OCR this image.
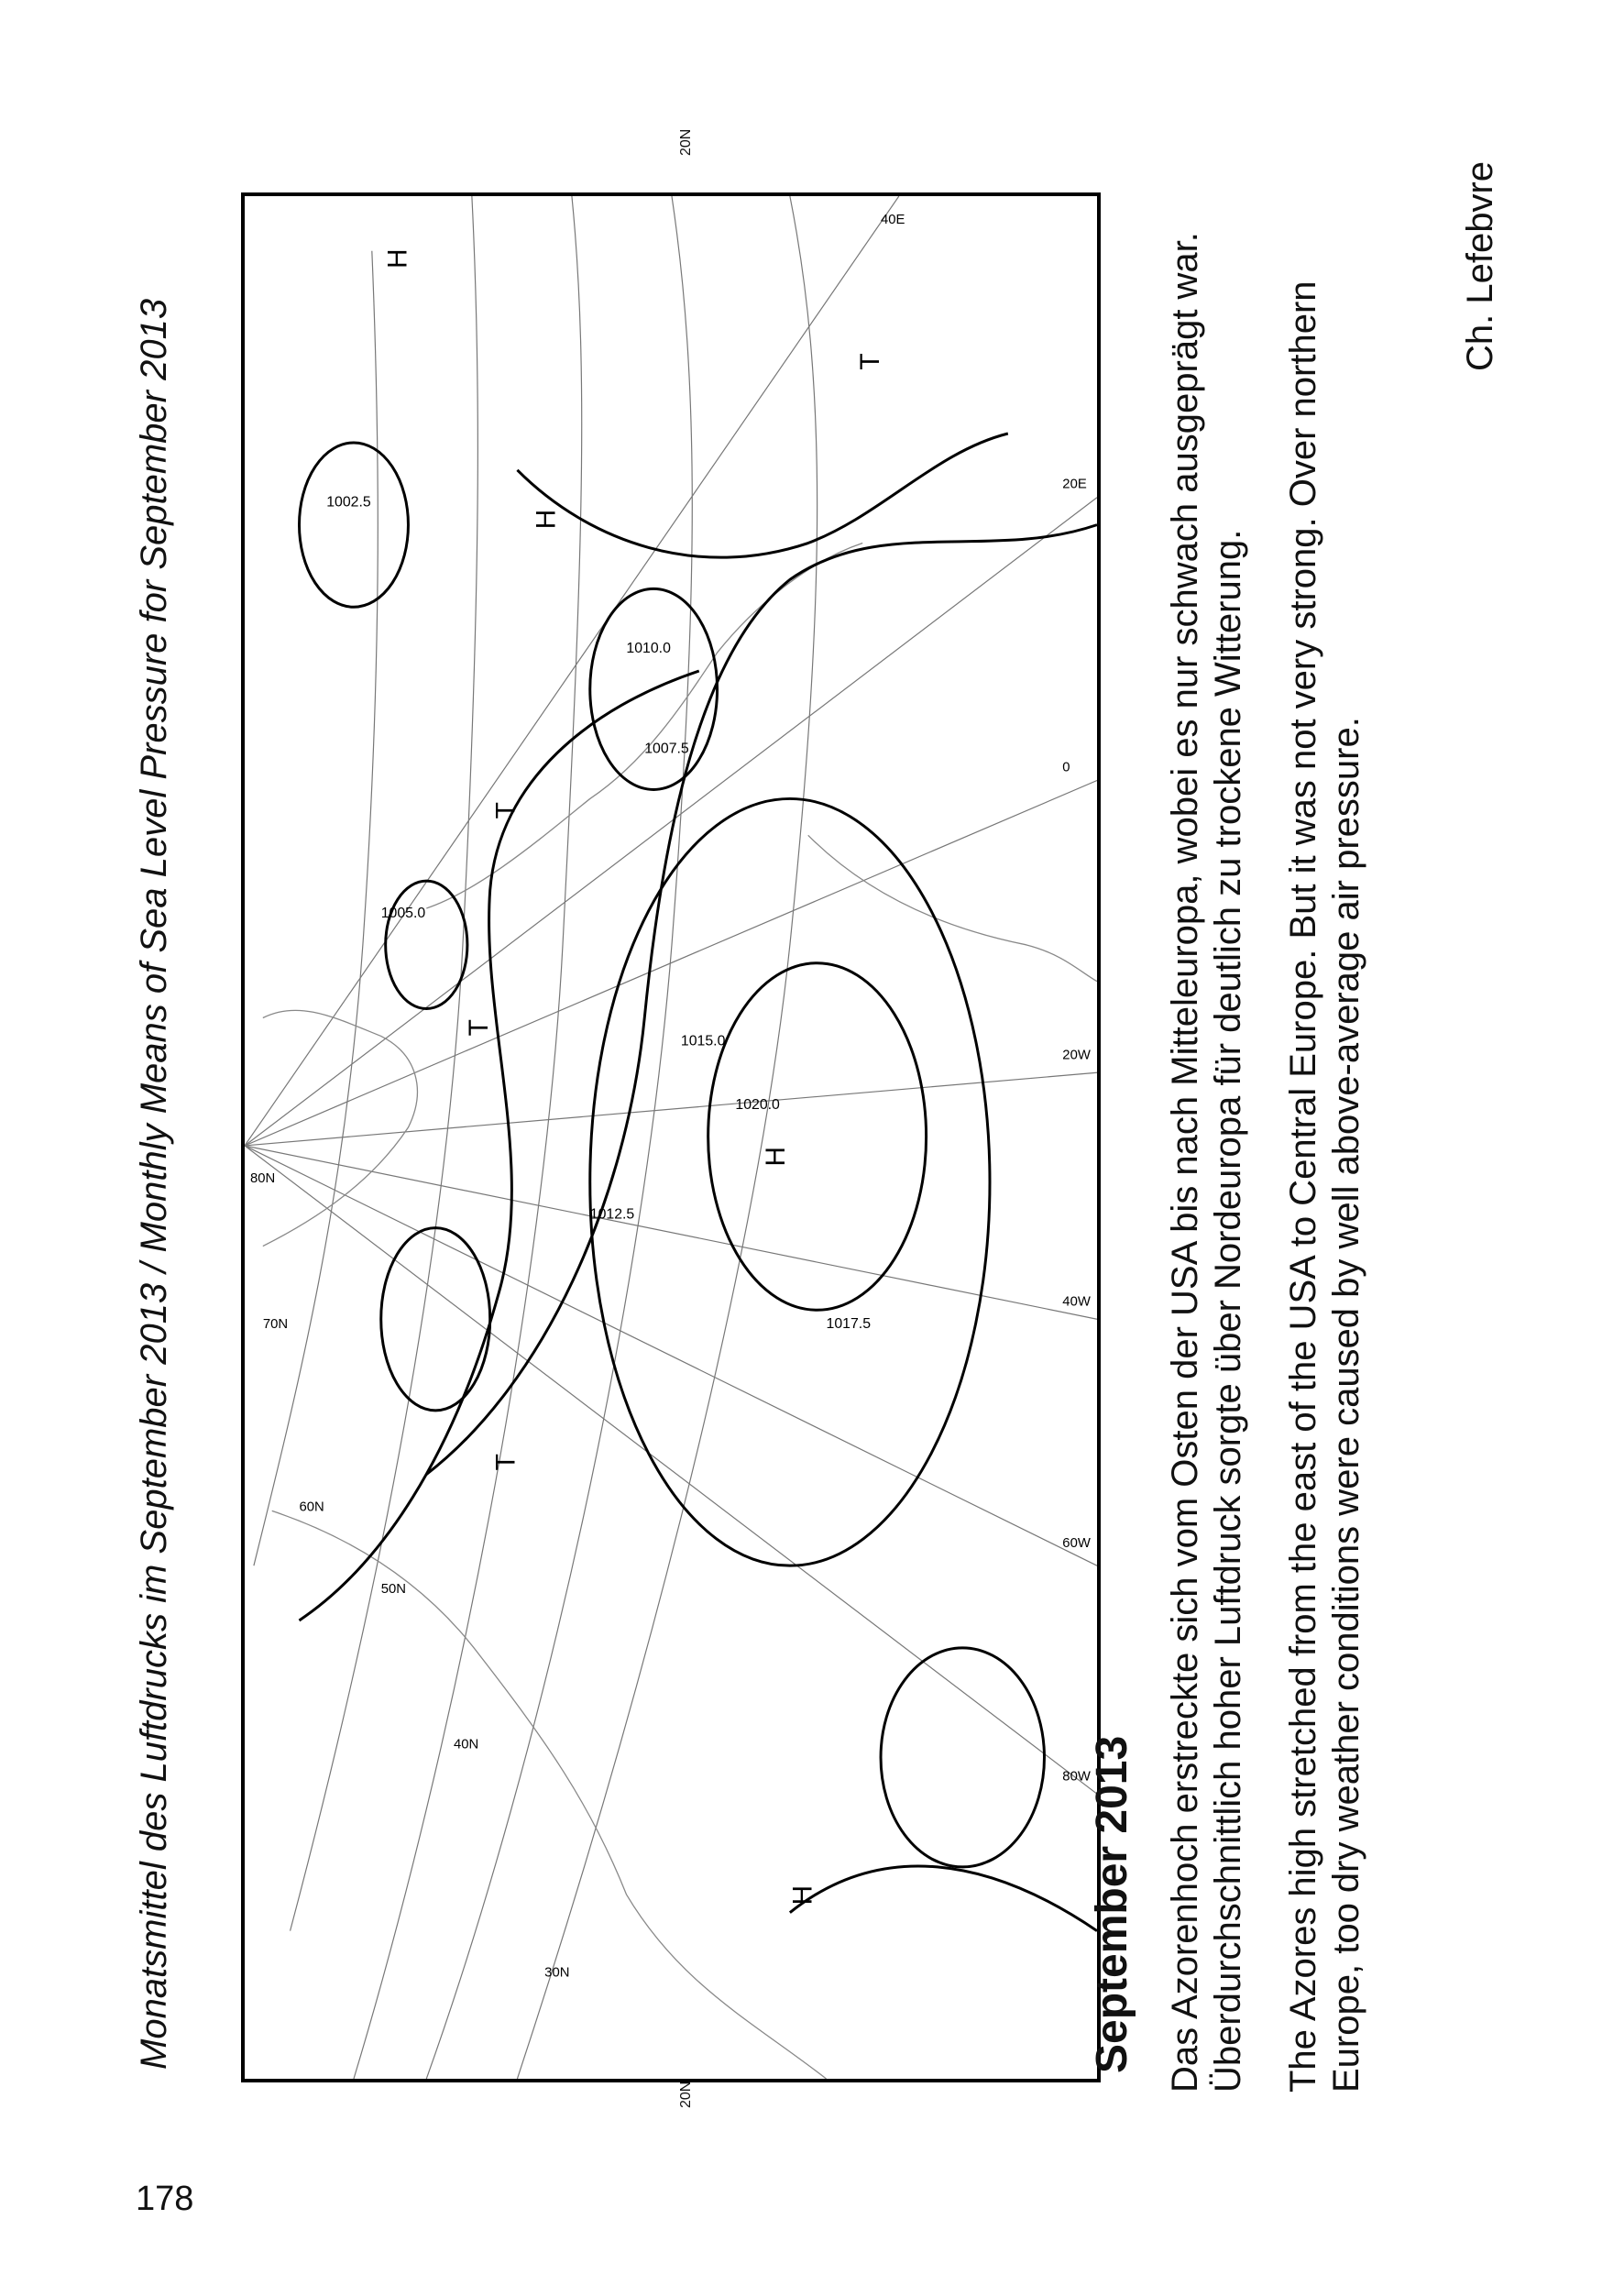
178
Monatsmittel des Luftdrucks im September 2013 / Monthly Means of Sea Level Pressure for September 2013	1002.5
1005.0
1007.5
1010.0
1012.5
1015.0
1017.5
1020.0
30N
40N
50N
60N
70N
80N
80W
60W
40W
20W
0
20E
40E
H
H
H
H
T
T
T
T
20N
20N
September 2013 Das Azorenhoch erstreckte sich vom Osten der USA bis nach Mitteleuropa, wobei es nur schwach ausgeprägt war. Überdurchschnittlich hoher Luftdruck sorgte über Nordeuropa für deutlich zu trockene Witterung. The Azores high stretched from the east of the USA to Central Europe. But it was not very strong. Over northern Europe, too dry weather conditions were caused by well above-average air pressure.
Ch. Lefebvre
